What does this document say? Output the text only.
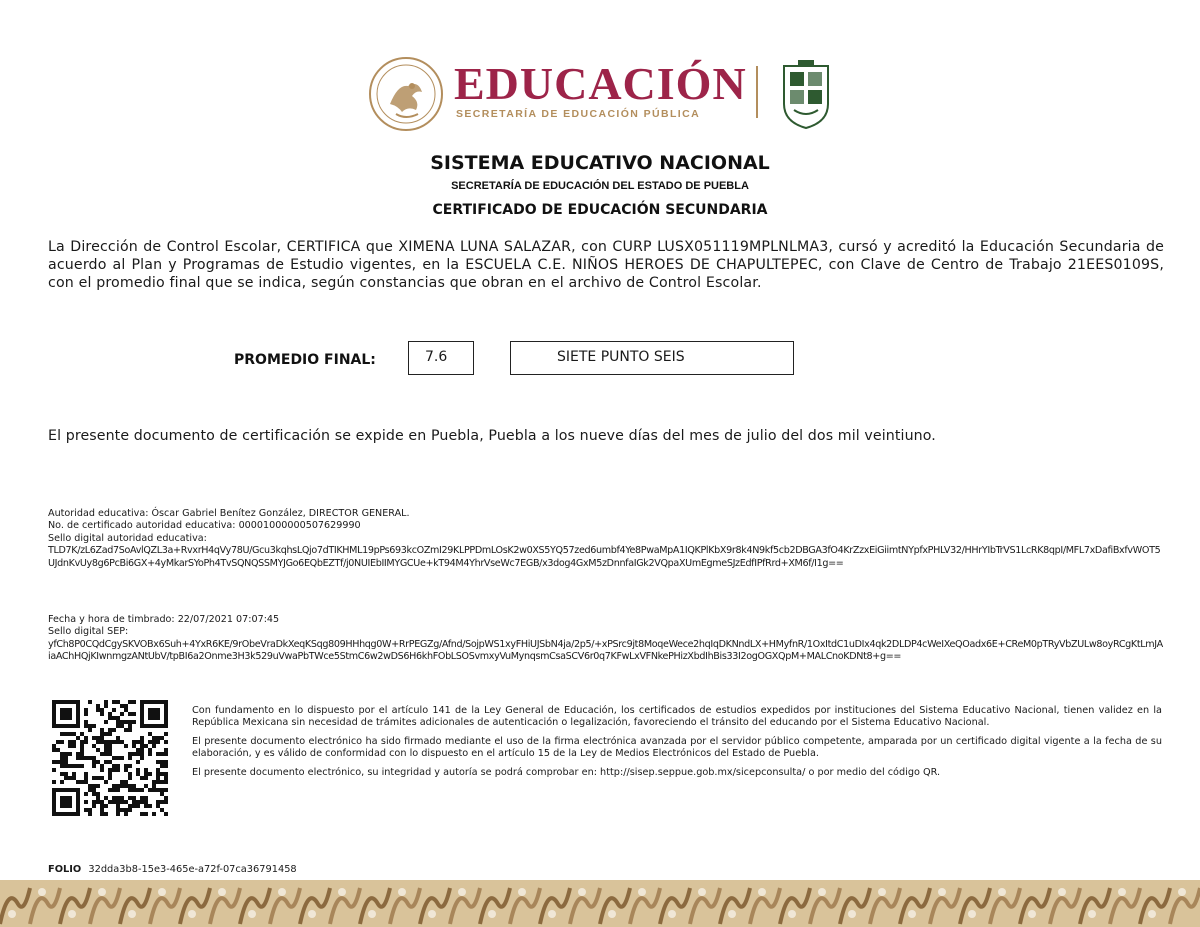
EDUCACIÓN
SECRETARÍA DE EDUCACIÓN PÚBLICA
SISTEMA EDUCATIVO NACIONAL
SECRETARÍA DE EDUCACIÓN DEL ESTADO DE PUEBLA
CERTIFICADO DE EDUCACIÓN SECUNDARIA
La Dirección de Control Escolar, CERTIFICA que XIMENA LUNA SALAZAR, con CURP LUSX051119MPLNLMA3, cursó y acreditó la Educación Secundaria de acuerdo al Plan y Programas de Estudio vigentes, en la ESCUELA C.E. NIÑOS HEROES DE CHAPULTEPEC, con Clave de Centro de Trabajo 21EES0109S, con el promedio final que se indica, según constancias que obran en el archivo de Control Escolar.
PROMEDIO FINAL:	7.6	SIETE PUNTO SEIS
El presente documento de certificación se expide en Puebla, Puebla a los nueve días del mes de julio del dos mil veintiuno.
Autoridad educativa: Óscar Gabriel Benítez González, DIRECTOR GENERAL.
No. de certificado autoridad educativa: 00001000000507629990
Sello digital autoridad educativa:
TLD7K/zL6Zad7SoAvlQZL3a+RvxrH4qVy78U/Gcu3kqhsLQjo7dTIKHML19pPs693kcOZmI29KLPPDmLOsK2w0XS5YQ57zed6umbf4Ye8PwaMpA1IQKPlKbX9r8k4N9kf5cb2DBGA3fO4KrZzxEiGiimtNYpfxPHLV32/HHrYIbTrVS1LcRK8qpI/MFL7xDafiBxfvWOT5UJdnKvUy8g6PcBi6GX+4yMkarSYoPh4TvSQNQSSMYJGo6EQbEZTf/j0NUIEbIIMYGCUe+kT94M4YhrVseWc7EGB/x3dog4GxM5zDnnfaIGk2VQpaXUmEgmeSJzEdfIPfRrd+XM6f/I1g==
Fecha y hora de timbrado: 22/07/2021 07:07:45
Sello digital SEP:
yfCh8P0CQdCgySKVOBx6Suh+4YxR6KE/9rObeVraDkXeqKSqg809HHhqg0W+RrPEGZg/Afnd/SojpWS1xyFHiUJSbN4ja/2p5/+xPSrc9jt8MoqeWece2hqIqDKNndLX+HMyfnR/1OxItdC1uDIx4qk2DLDP4cWeIXeQOadx6E+CReM0pTRyVbZULw8oyRCgKtLmJAiaAChHQjKIwnmgzANtUbV/tpBI6a2Onme3H3k529uVwaPbTWce5StmC6w2wDS6H6khFObLSOSvmxyVuMynqsmCsaSCV6r0q7KFwLxVFNkePHizXbdIhBis33I2ogOGXQpM+MALCnoKDNt8+g==

Con fundamento en lo dispuesto por el artículo 141 de la Ley General de Educación, los certificados de estudios expedidos por instituciones del Sistema Educativo Nacional, tienen validez en la República Mexicana sin necesidad de trámites adicionales de autenticación o legalización, favoreciendo el tránsito del educando por el Sistema Educativo Nacional.

El presente documento electrónico ha sido firmado mediante el uso de la firma electrónica avanzada por el servidor público competente, amparada por un certificado digital vigente a la fecha de su elaboración, y es válido de conformidad con lo dispuesto en el artículo 15 de la Ley de Medios Electrónicos del Estado de Puebla.

El presente documento electrónico, su integridad y autoría se podrá comprobar en: http://sisep.seppue.gob.mx/sicepconsulta/ o por medio del código QR.

FOLIO 32dda3b8-15e3-465e-a72f-07ca36791458
